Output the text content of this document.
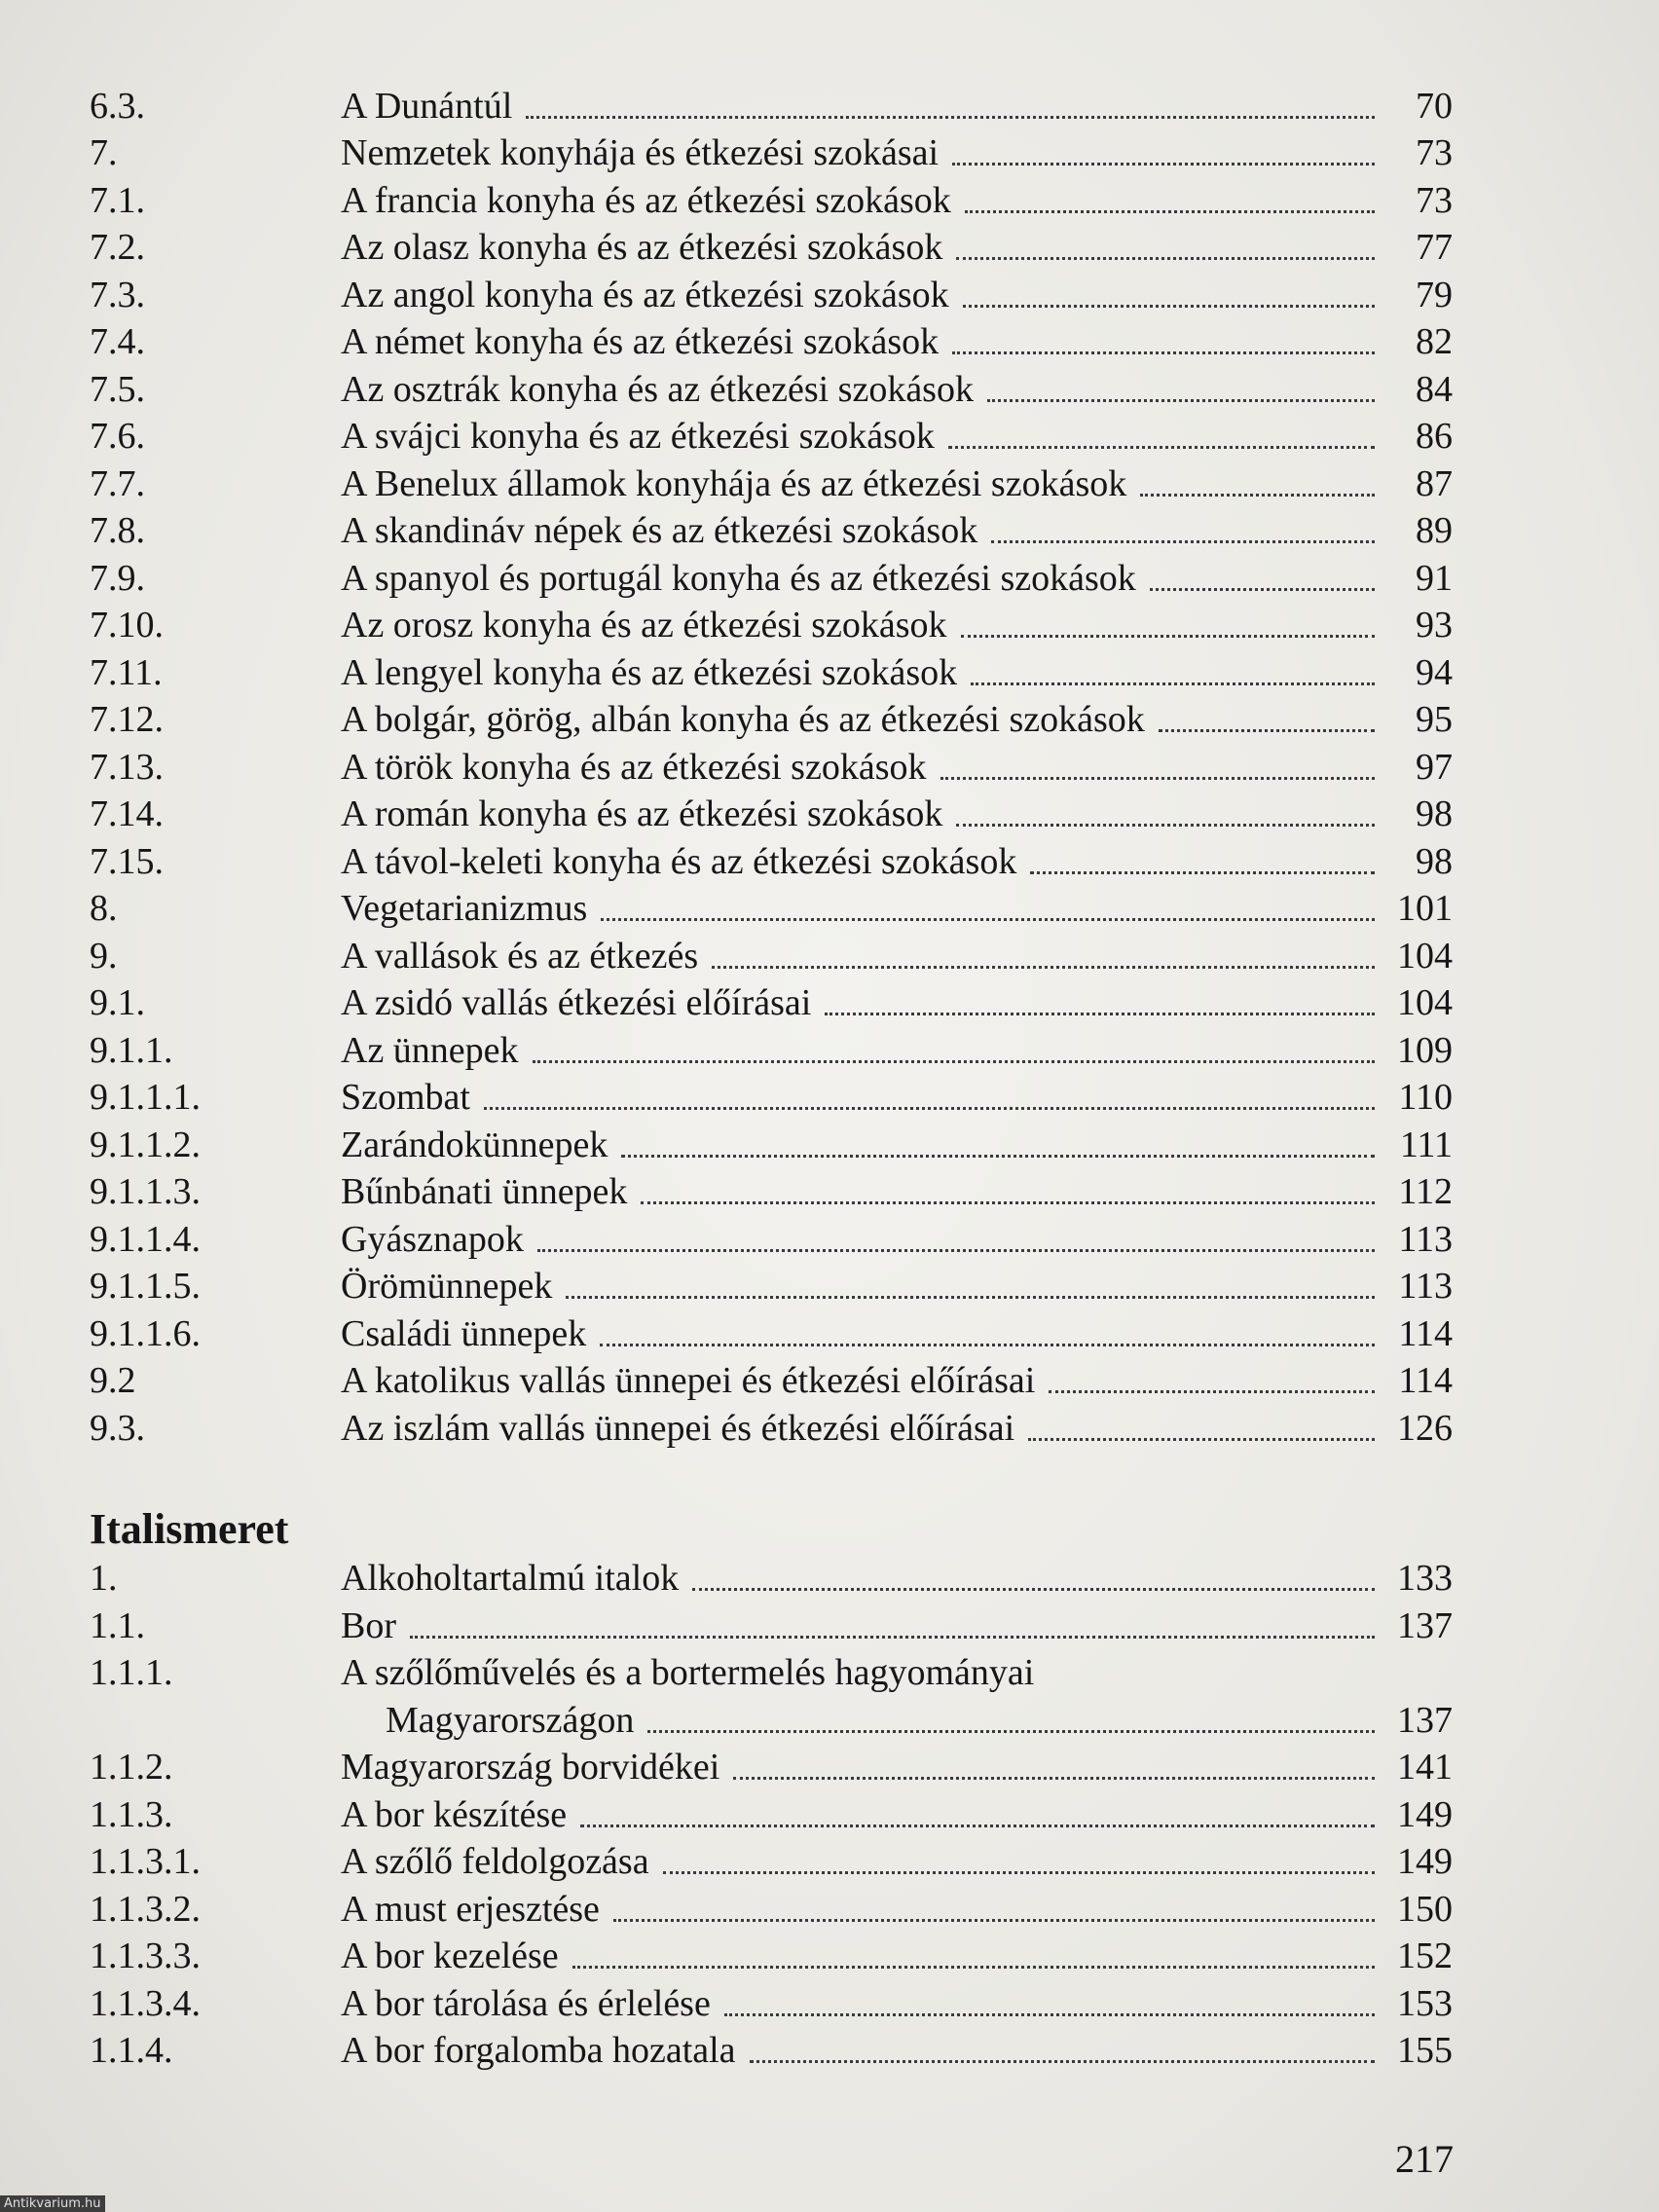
6.3.	A Dunántúl	70
7.	Nemzetek konyhája és étkezési szokásai	73
7.1.	A francia konyha és az étkezési szokások	73
7.2.	Az olasz konyha és az étkezési szokások	77
7.3.	Az angol konyha és az étkezési szokások	79
7.4.	A német konyha és az étkezési szokások	82
7.5.	Az osztrák konyha és az étkezési szokások	84
7.6.	A svájci konyha és az étkezési szokások	86
7.7.	A Benelux államok konyhája és az étkezési szokások	87
7.8.	A skandináv népek és az étkezési szokások	89
7.9.	A spanyol és portugál konyha és az étkezési szokások	91
7.10.	Az orosz konyha és az étkezési szokások	93
7.11.	A lengyel konyha és az étkezési szokások	94
7.12.	A bolgár, görög, albán konyha és az étkezési szokások	95
7.13.	A török konyha és az étkezési szokások	97
7.14.	A román konyha és az étkezési szokások	98
7.15.	A távol-keleti konyha és az étkezési szokások	98
8.	Vegetarianizmus	101
9.	A vallások és az étkezés	104
9.1.	A zsidó vallás étkezési előírásai	104
9.1.1.	Az ünnepek	109
9.1.1.1.	Szombat	110
9.1.1.2.	Zarándokünnepek	111
9.1.1.3.	Bűnbánati ünnepek	112
9.1.1.4.	Gyásznapok	113
9.1.1.5.	Örömünnepek	113
9.1.1.6.	Családi ünnepek	114
9.2	A katolikus vallás ünnepei és étkezési előírásai	114
9.3.	Az iszlám vallás ünnepei és étkezési előírásai	126
Italismeret
1.	Alkoholtartalmú italok	133
1.1.	Bor	137
1.1.1.	A szőlőművelés és a bortermelés hagyományai
Magyarországon	137
1.1.2.	Magyarország borvidékei	141
1.1.3.	A bor készítése	149
1.1.3.1.	A szőlő feldolgozása	149
1.1.3.2.	A must erjesztése	150
1.1.3.3.	A bor kezelése	152
1.1.3.4.	A bor tárolása és érlelése	153
1.1.4.	A bor forgalomba hozatala	155
217
Antikvarium.hu
